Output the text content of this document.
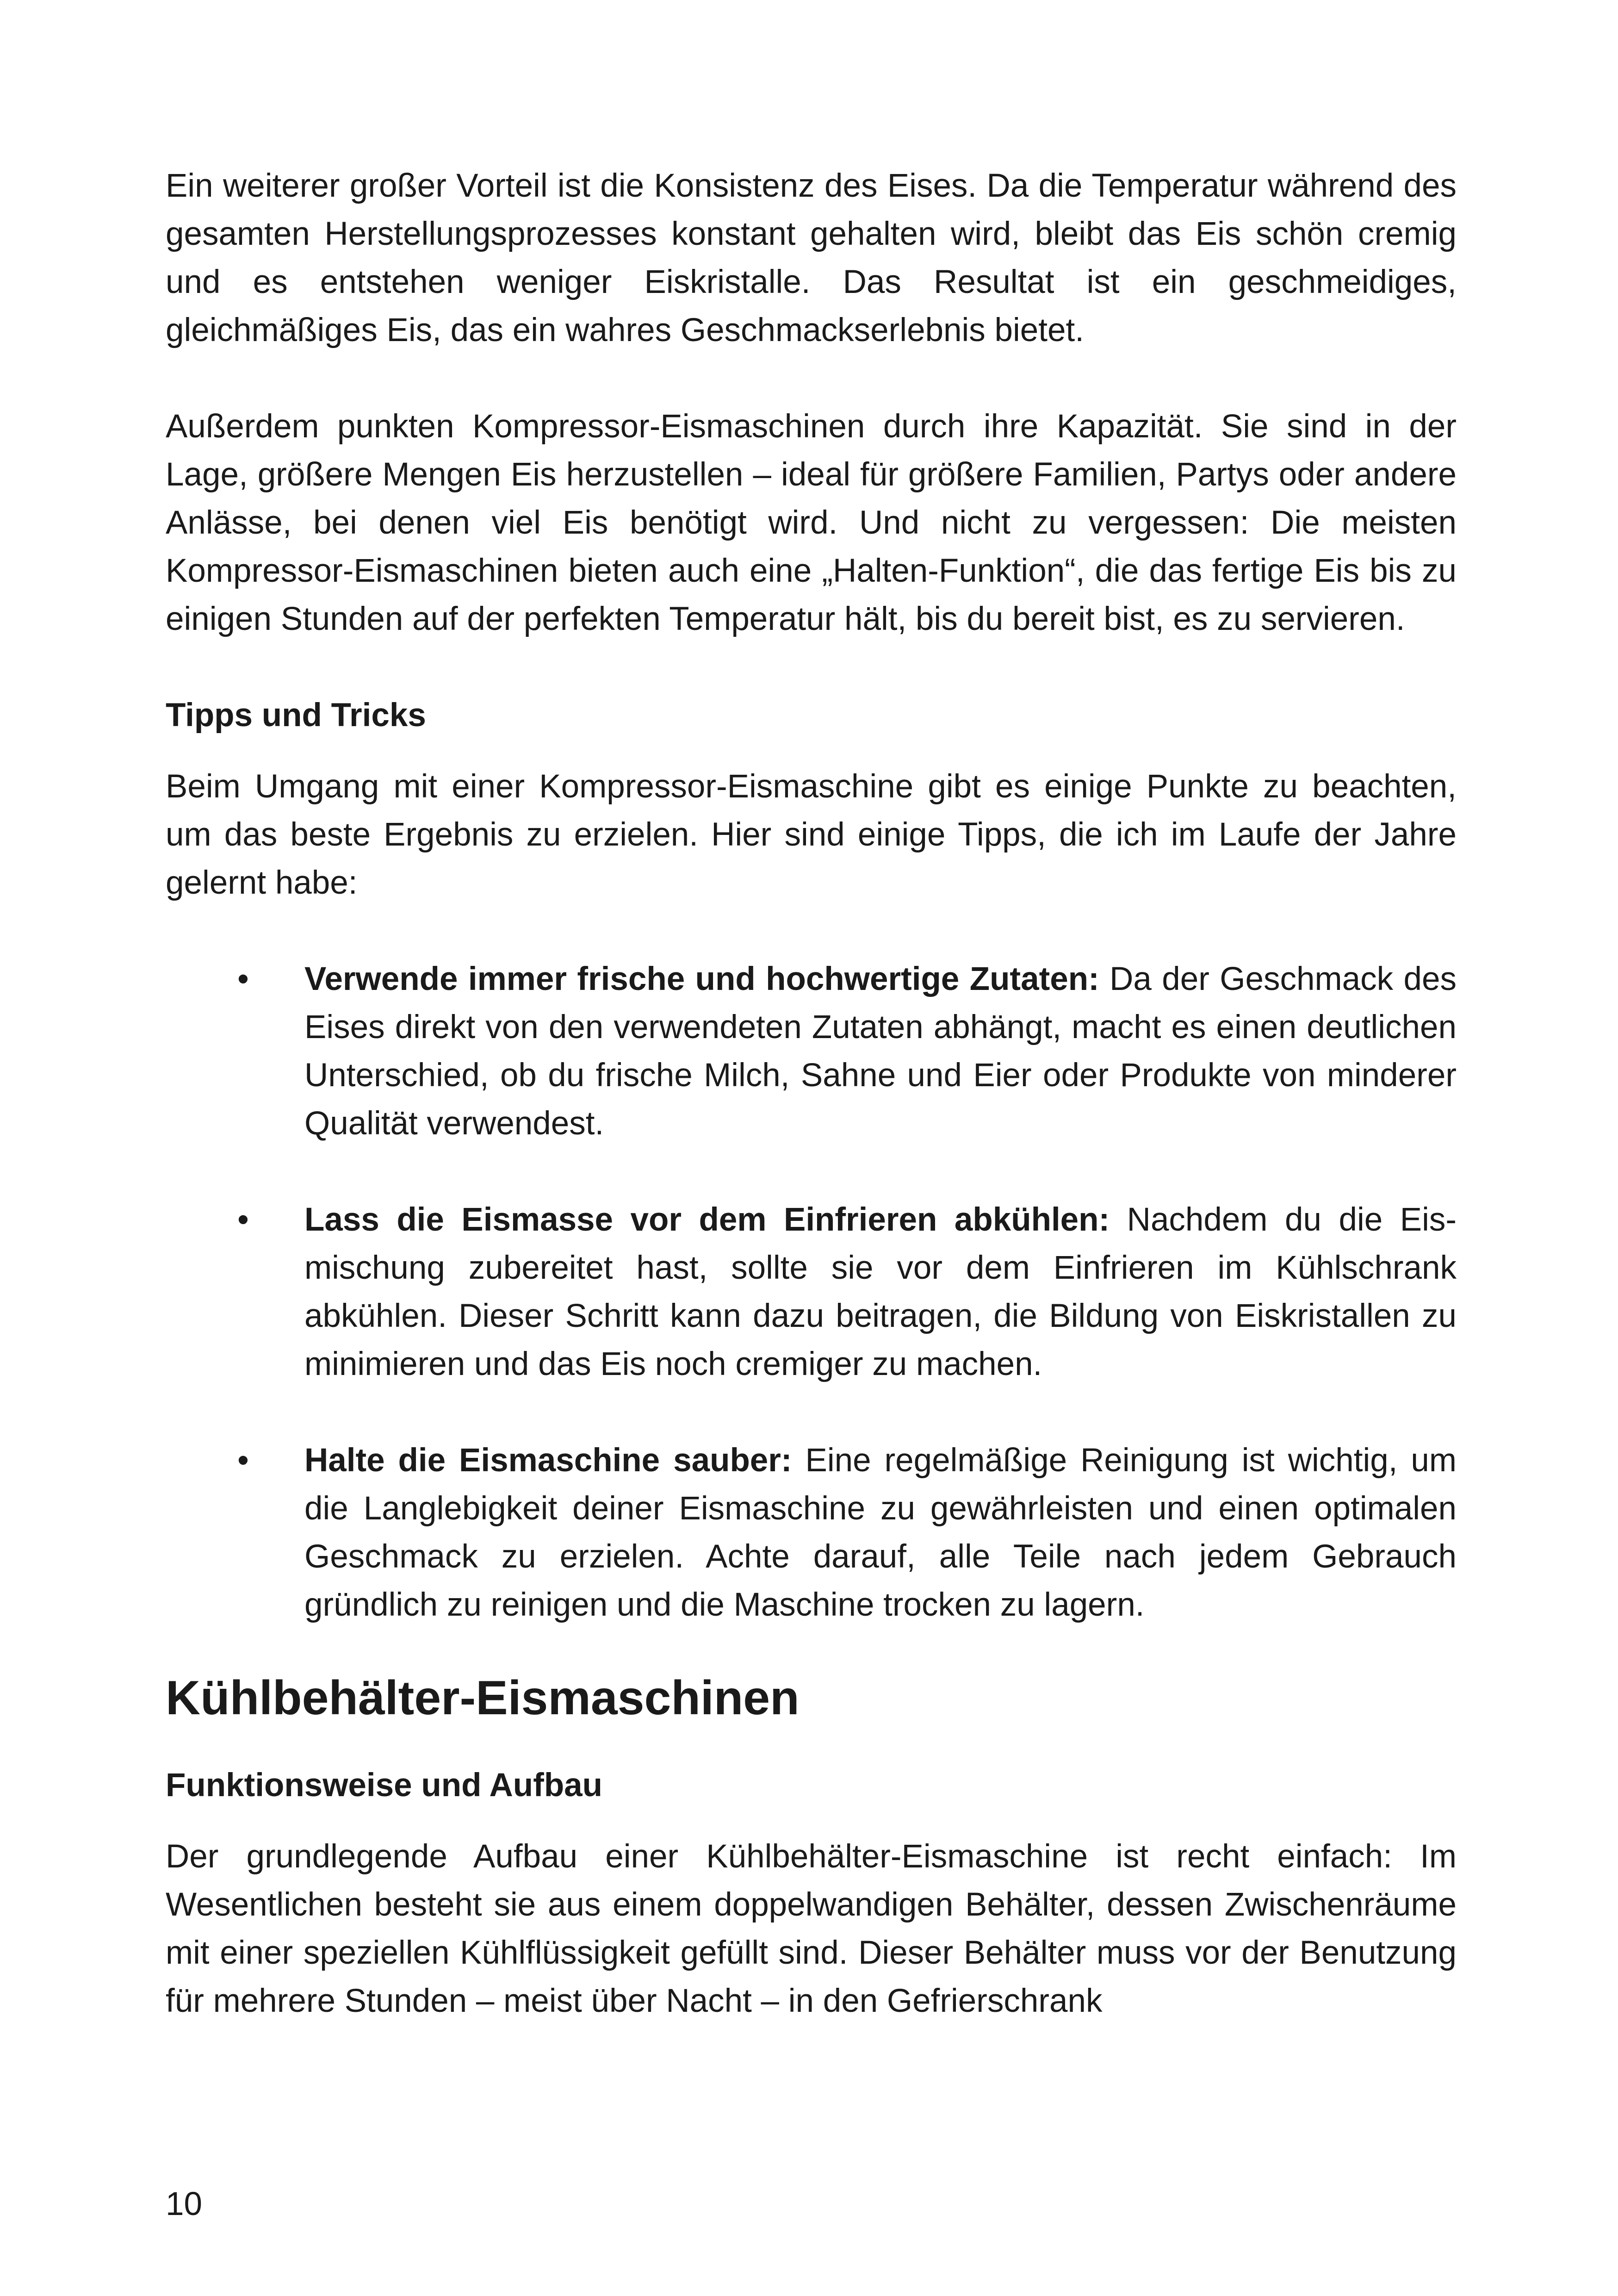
Ein weiterer großer Vorteil ist die Konsistenz des Eises. Da die Temperatur während des gesamten Herstellungsprozesses konstant gehalten wird, bleibt das Eis schön cremig und es entstehen weniger Eiskristalle. Das Resultat ist ein geschmeidiges, gleichmäßiges Eis, das ein wahres Geschmackserlebnis bietet.

Außerdem punkten Kompressor-Eismaschinen durch ihre Kapazität. Sie sind in der Lage, größere Mengen Eis herzustellen – ideal für größere Familien, Partys oder andere Anlässe, bei denen viel Eis benötigt wird. Und nicht zu vergessen: Die meisten Kompressor-Eismaschinen bieten auch eine „Halten-Funktion“, die das fertige Eis bis zu einigen Stunden auf der perfekten Temperatur hält, bis du bereit bist, es zu servieren.

Tipps und Tricks

Beim Umgang mit einer Kompressor-Eismaschine gibt es einige Punkte zu beachten, um das beste Ergebnis zu erzielen. Hier sind einige Tipps, die ich im Laufe der Jahre gelernt habe:

• Verwende immer frische und hochwertige Zutaten: Da der Geschmack des Eises direkt von den verwendeten Zutaten abhängt, macht es einen deutlichen Unterschied, ob du frische Milch, Sahne und Eier oder Produkte von minderer Qualität verwendest.

• Lass die Eismasse vor dem Einfrieren abkühlen: Nachdem du die Eismischung zubereitet hast, sollte sie vor dem Einfrieren im Kühlschrank abkühlen. Dieser Schritt kann dazu beitragen, die Bildung von Eiskristallen zu minimieren und das Eis noch cremiger zu machen.

• Halte die Eismaschine sauber: Eine regelmäßige Reinigung ist wichtig, um die Langlebigkeit deiner Eismaschine zu gewährleisten und einen optimalen Geschmack zu erzielen. Achte darauf, alle Teile nach jedem Gebrauch gründlich zu reinigen und die Maschine trocken zu lagern.

Kühlbehälter-Eismaschinen
Funktionsweise und Aufbau

Der grundlegende Aufbau einer Kühlbehälter-Eismaschine ist recht einfach: Im Wesentlichen besteht sie aus einem doppelwandigen Behälter, dessen Zwischenräume mit einer speziellen Kühlflüssigkeit gefüllt sind. Dieser Behälter muss vor der Benutzung für mehrere Stunden – meist über Nacht – in den Gefrierschrank

10
